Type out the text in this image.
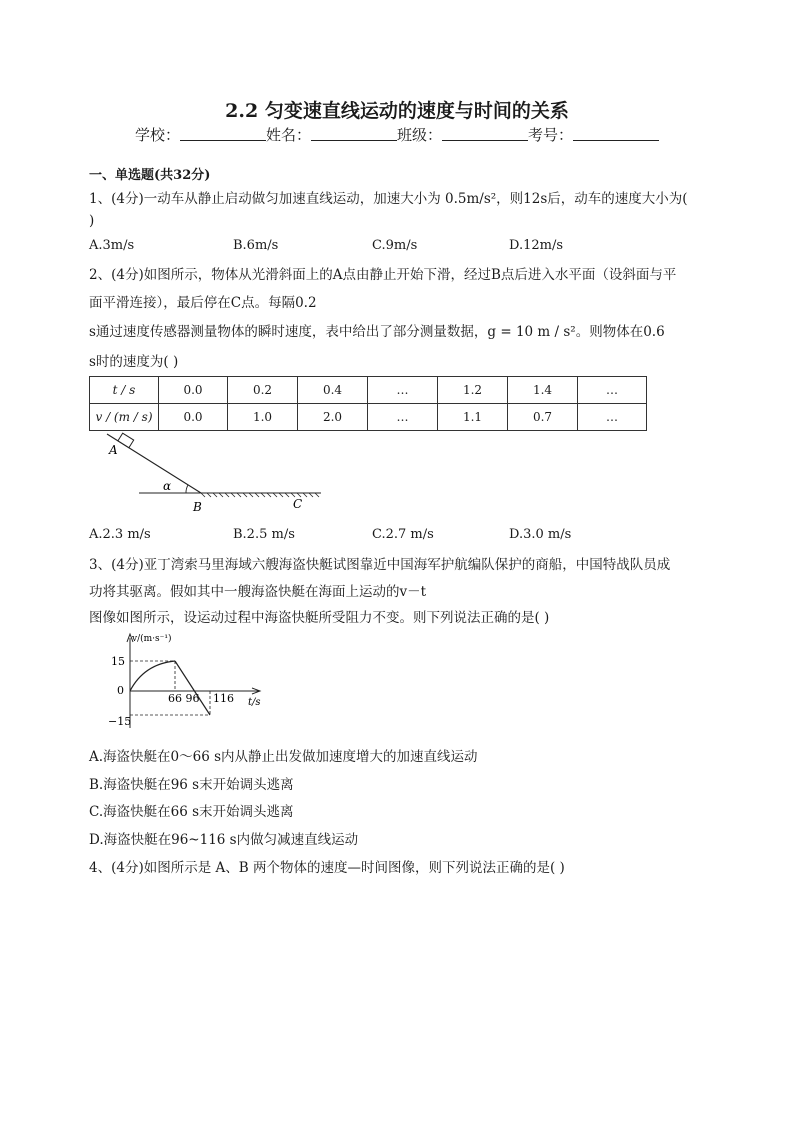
2.2 匀变速直线运动的速度与时间的关系
学校：	姓名：	班级：	考号：
一、单选题(共32分)
1、(4分)一动车从静止启动做匀加速直线运动，加速大小为 0.5m/s²，则12s后，动车的速度大小为(
)
A.3m/s	B.6m/s	C.9m/s	D.12m/s
2、(4分)如图所示，物体从光滑斜面上的A点由静止开始下滑，经过B点后进入水平面（设斜面与平
面平滑连接），最后停在C点。每隔0.2
s通过速度传感器测量物体的瞬时速度，表中给出了部分测量数据，g = 10 m / s²。则物体在0.6
s时的速度为( )
t / s	0.0	0.2	0.4	…	1.2	1.4	…
v / (m / s)	0.0	1.0	2.0	…	1.1	0.7	…
A
α
B	C
A.2.3 m/s	B.2.5 m/s	C.2.7 m/s	D.3.0 m/s
3、(4分)亚丁湾索马里海域六艘海盗快艇试图靠近中国海军护航编队保护的商船，中国特战队员成
功将其驱离。假如其中一艘海盗快艇在海面上运动的v－t
图像如图所示，设运动过程中海盗快艇所受阻力不变。则下列说法正确的是( )
v/(m·s⁻¹)
t/s
15
0
−15
66 96 116
A.海盗快艇在0～66 s内从静止出发做加速度增大的加速直线运动
B.海盗快艇在96 s末开始调头逃离
C.海盗快艇在66 s末开始调头逃离
D.海盗快艇在96~116 s内做匀减速直线运动
4、(4分)如图所示是 A、B 两个物体的速度—时间图像，则下列说法正确的是( )
